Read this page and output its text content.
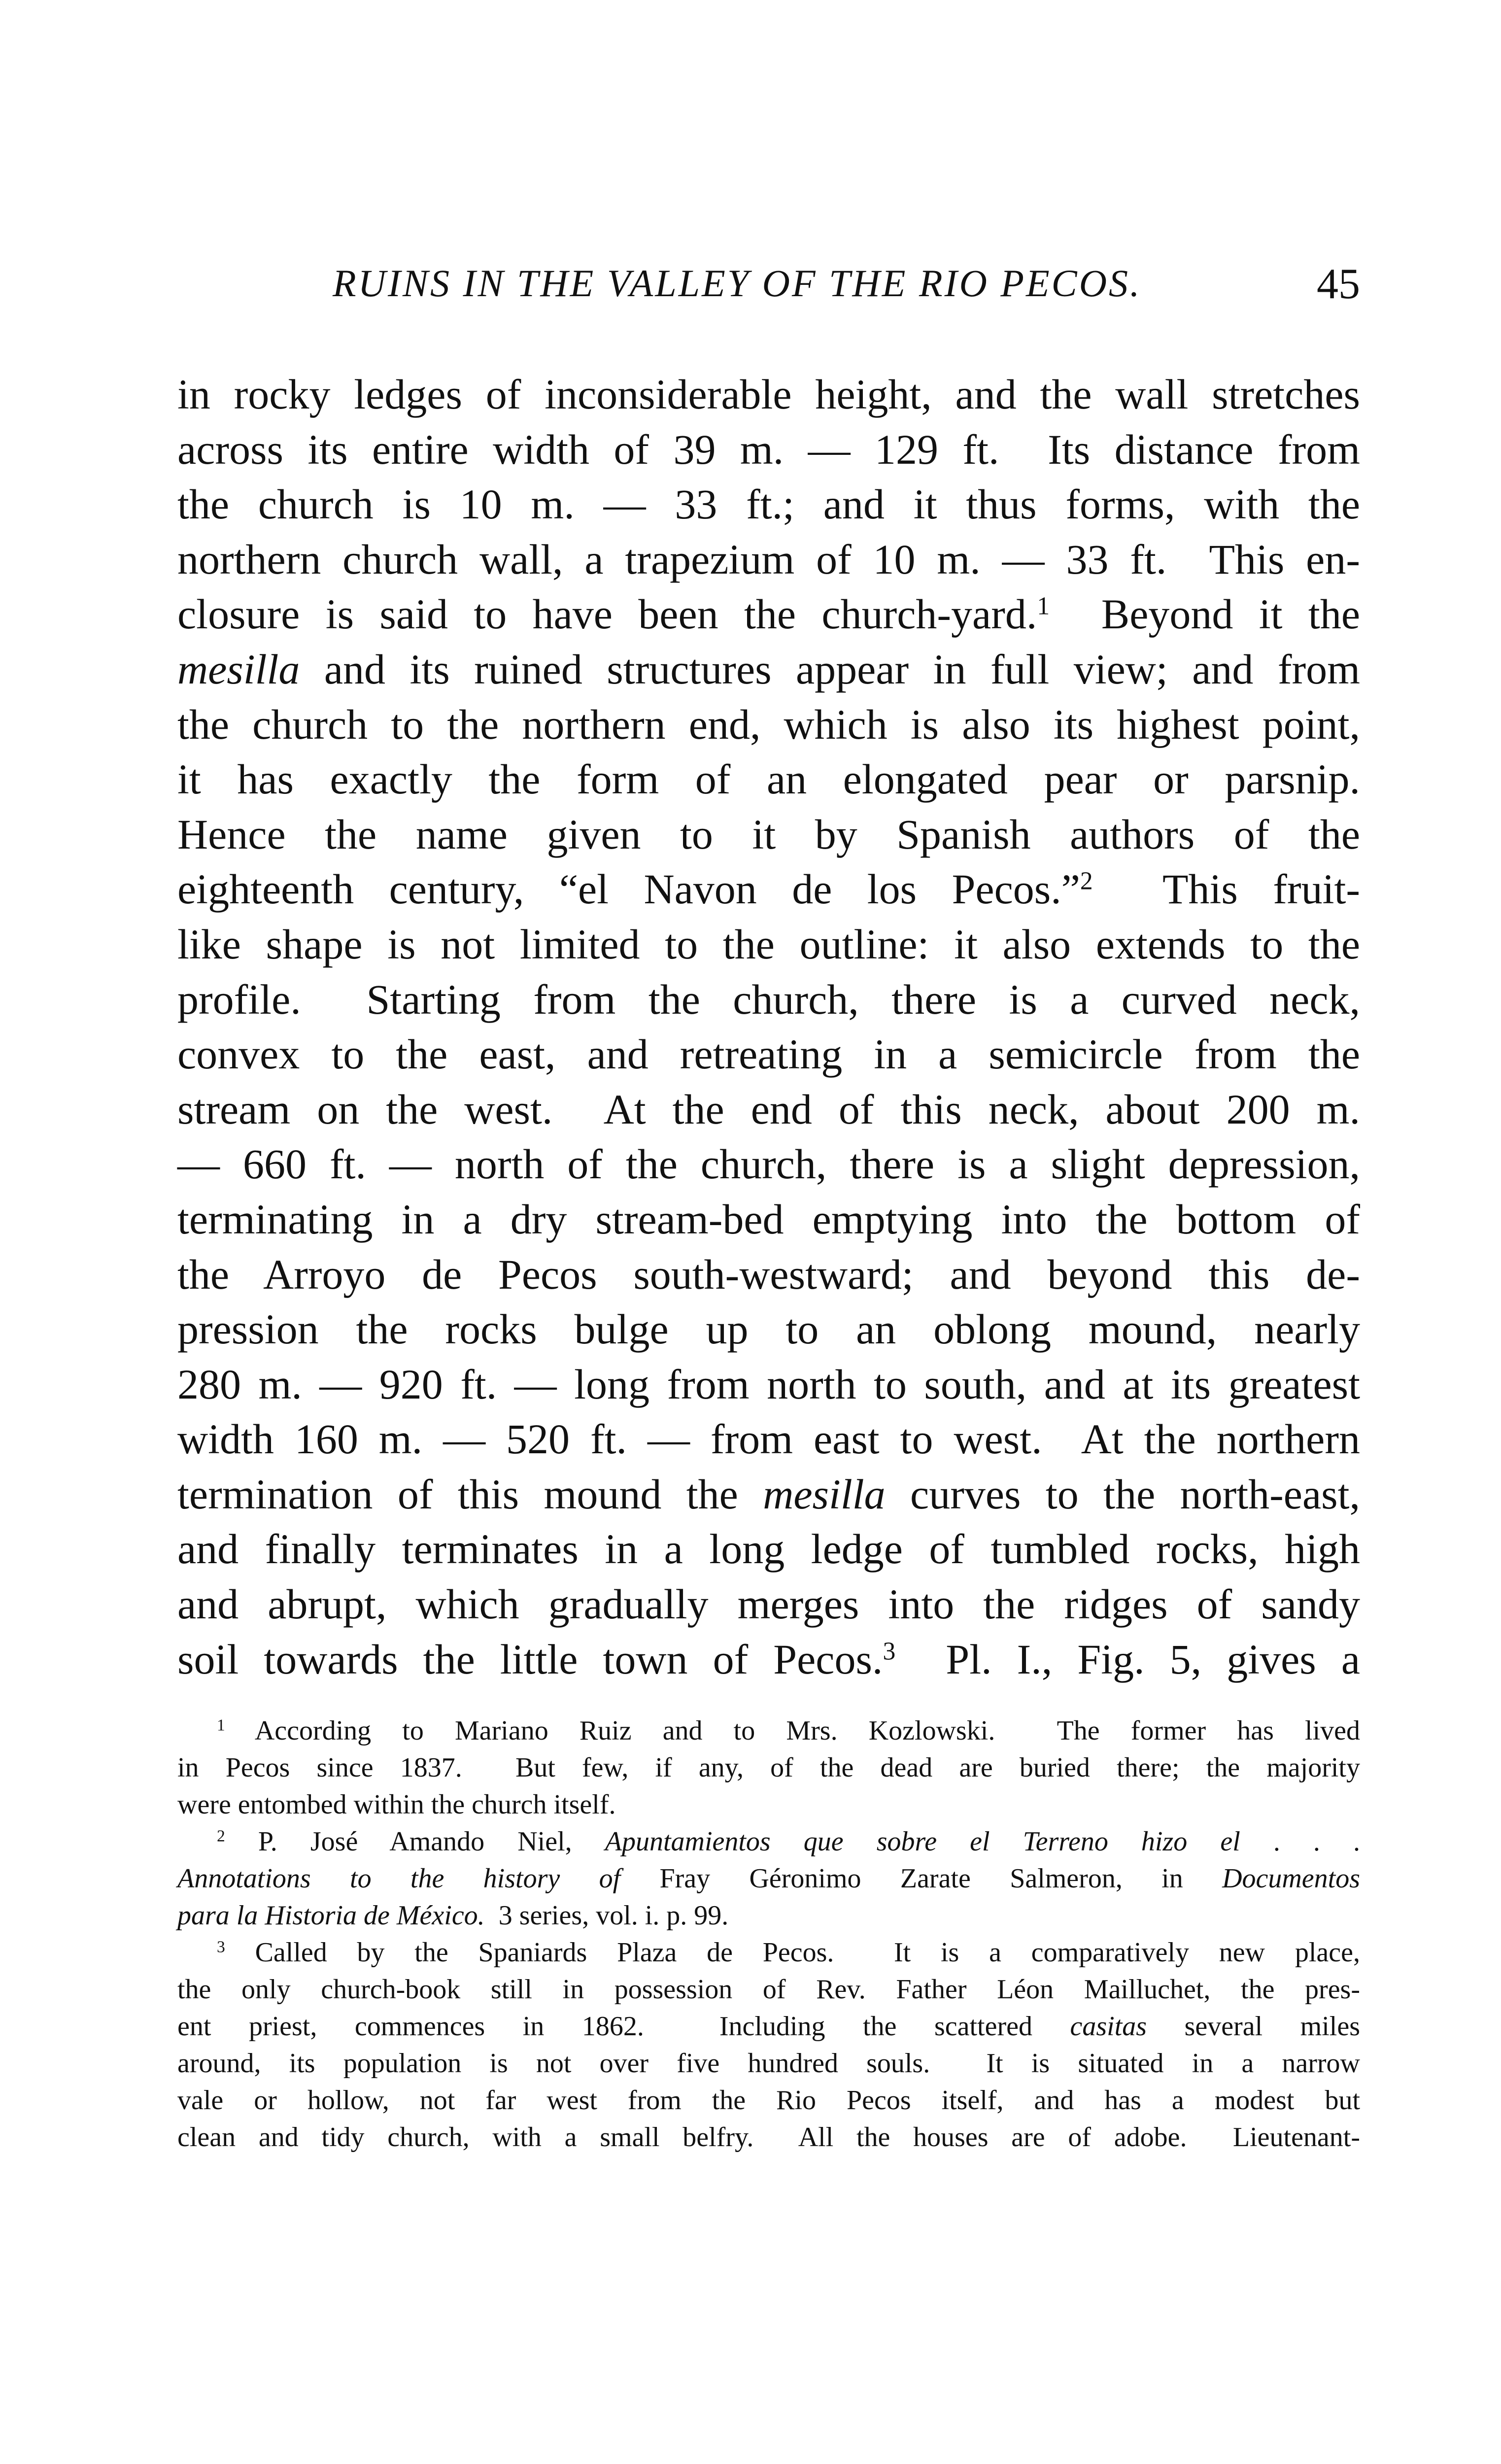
RUINS IN THE VALLEY OF THE RIO PECOS.	45
in rocky ledges of inconsiderable height, and the wall stretches
across its entire width of 39 m. — 129 ft.  Its distance from
the church is 10 m. — 33 ft.; and it thus forms, with the
northern church wall, a trapezium of 10 m. — 33 ft.  This en-
closure is said to have been the church-yard.$^1$  Beyond it the
mesilla and its ruined structures appear in full view; and from
the church to the northern end, which is also its highest point,
it has exactly the form of an elongated pear or parsnip.
Hence the name given to it by Spanish authors of the
eighteenth century, “el Navon de los Pecos.”$^2$  This fruit-
like shape is not limited to the outline: it also extends to the
profile.  Starting from the church, there is a curved neck,
convex to the east, and retreating in a semicircle from the
stream on the west.  At the end of this neck, about 200 m.
— 660 ft. — north of the church, there is a slight depression,
terminating in a dry stream-bed emptying into the bottom of
the Arroyo de Pecos south-westward; and beyond this de-
pression the rocks bulge up to an oblong mound, nearly
280 m. — 920 ft. — long from north to south, and at its greatest
width 160 m. — 520 ft. — from east to west.  At the northern
termination of this mound the mesilla curves to the north-east,
and finally terminates in a long ledge of tumbled rocks, high
and abrupt, which gradually merges into the ridges of sandy
soil towards the little town of Pecos.$^3$  Pl. I., Fig. 5, gives a
$^1$ According to Mariano Ruiz and to Mrs. Kozlowski.  The former has lived
in Pecos since 1837.  But few, if any, of the dead are buried there; the majority
were entombed within the church itself.
$^2$ P. José Amando Niel, Apuntamientos que sobre el Terreno hizo el . . .
Annotations to the history of Fray Géronimo Zarate Salmeron, in Documentos
para la Historia de México.  3 series, vol. i. p. 99.
$^3$ Called by the Spaniards Plaza de Pecos.  It is a comparatively new place,
the only church-book still in possession of Rev. Father Léon Mailluchet, the pres-
ent priest, commences in 1862.  Including the scattered casitas several miles
around, its population is not over five hundred souls.  It is situated in a narrow
vale or hollow, not far west from the Rio Pecos itself, and has a modest but
clean and tidy church, with a small belfry.  All the houses are of adobe.  Lieutenant-
